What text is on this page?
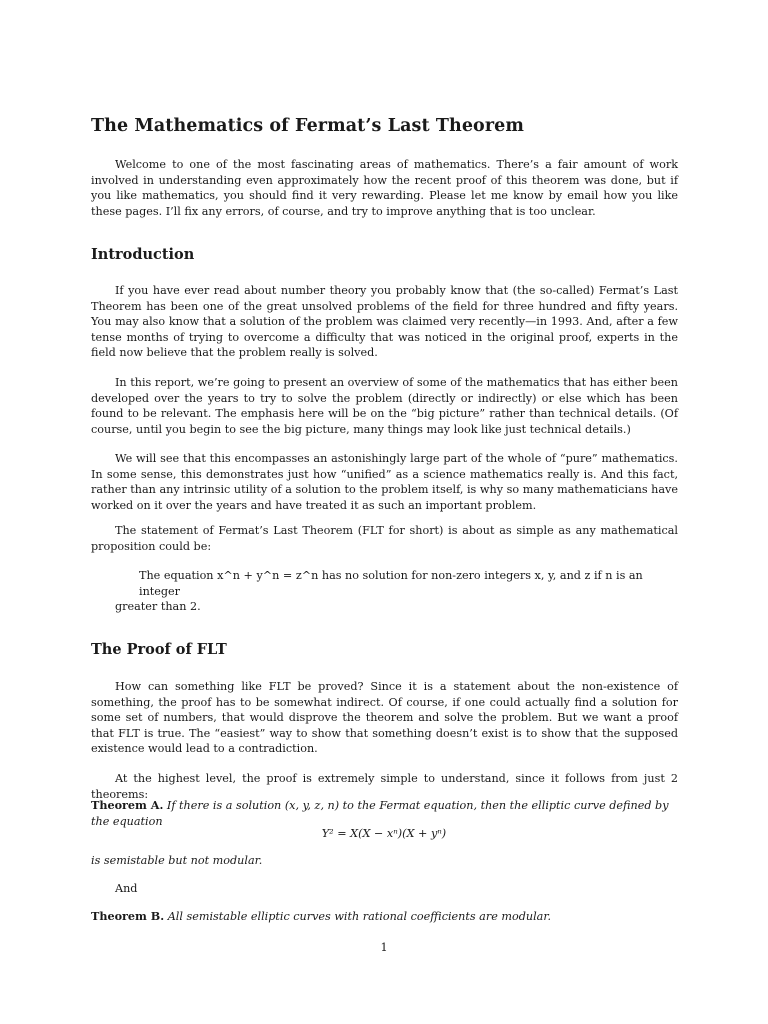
The Mathematics of Fermat’s Last Theorem

Welcome to one of the most fascinating areas of mathematics. There’s a fair amount of work involved in understanding even approximately how the recent proof of this theorem was done, but if you like mathematics, you should find it very rewarding. Please let me know by email how you like these pages. I’ll fix any errors, of course, and try to improve anything that is too unclear.

Introduction

If you have ever read about number theory you probably know that (the so-called) Fermat’s Last Theorem has been one of the great unsolved problems of the field for three hundred and fifty years. You may also know that a solution of the problem was claimed very recently—in 1993. And, after a few tense months of trying to overcome a difficulty that was noticed in the original proof, experts in the field now believe that the problem really is solved.

In this report, we’re going to present an overview of some of the mathematics that has either been developed over the years to try to solve the problem (directly or indirectly) or else which has been found to be relevant. The emphasis here will be on the “big picture” rather than technical details. (Of course, until you begin to see the big picture, many things may look like just technical details.)

We will see that this encompasses an astonishingly large part of the whole of “pure” mathematics. In some sense, this demonstrates just how “unified” as a science mathematics really is. And this fact, rather than any intrinsic utility of a solution to the problem itself, is why so many mathematicians have worked on it over the years and have treated it as such an important problem.

The statement of Fermat’s Last Theorem (FLT for short) is about as simple as any mathematical proposition could be:

The equation x^n + y^n = z^n has no solution for non-zero integers x, y, and z if n is an integer
greater than 2.
The Proof of FLT

How can something like FLT be proved? Since it is a statement about the non-existence of something, the proof has to be somewhat indirect. Of course, if one could actually find a solution for some set of numbers, that would disprove the theorem and solve the problem. But we want a proof that FLT is true. The “easiest” way to show that something doesn’t exist is to show that the supposed existence would lead to a contradiction.

At the highest level, the proof is extremely simple to understand, since it follows from just 2 theorems:

Theorem A. If there is a solution (x, y, z, n) to the Fermat equation, then the elliptic curve defined by the equation

Y² = X(X − xⁿ)(X + yⁿ)

is semistable but not modular.

And

Theorem B. All semistable elliptic curves with rational coefficients are modular.

1
